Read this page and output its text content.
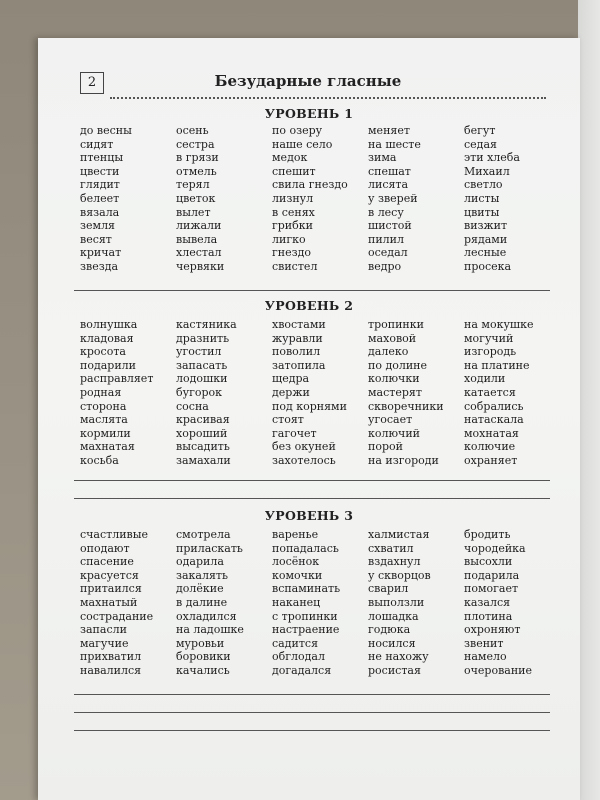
2	Безударные гласные
УРОВЕНЬ 1
до весны
сидят
птенцы
цвести
глядит
белеет
вязала
земля
весят
кричат
звезда
осень
сестра
в грязи
отмель
терял
цветок
вылет
лижали
вывела
хлестал
червяки
по озеру
наше село
медок
спешит
свила гнездо
лизнул
в сенях
грибки
лигко
гнездо
свистел
меняет
на шесте
зима
спешат
лисята
у зверей
в лесу
шистой
пилил
оседал
ведро
бегут
седая
эти хлеба
Михаил
светло
листы
цвиты
визжит
рядами
лесные
просека
УРОВЕНЬ 2
волнушка
кладовая
кросота
подарили
расправляет
родная
сторона
маслята
кормили
махнатая
косьба
кастяника
дразнить
угостил
запасать
лодошки
бугорок
сосна
красивая
хороший
высадить
замахали
хвостами
журавли
поволил
затопила
щедра
держи
под корнями
стоят
гагочет
без окуней
захотелось
тропинки
маховой
далеко
по долине
колючки
мастерят
скворечники
угосает
колючий
порой
на изгороди
на мокушке
могучий
изгородь
на платине
ходили
катается
собрались
натаскала
мохнатая
колючие
охраняет
УРОВЕНЬ 3
счастливые
оподают
спасение
красуется
притаился
махнатый
сострадание
запасли
магучие
прихватил
навалился
смотрела
приласкать
одарила
закалять
долёкие
в далине
охладился
на ладошке
муровьи
боровики
качались
варенье
попадалась
лосёнок
комочки
вспаминать
наканец
с тропинки
настраение
садится
обглодал
догадался
халмистая
схватил
вздахнул
у скворцов
сварил
выползли
лошадка
годюка
носился
не нахожу
росистая
бродить
чородейка
высохли
подарила
помогает
казался
плотина
охроняют
звенит
намело
очерование
